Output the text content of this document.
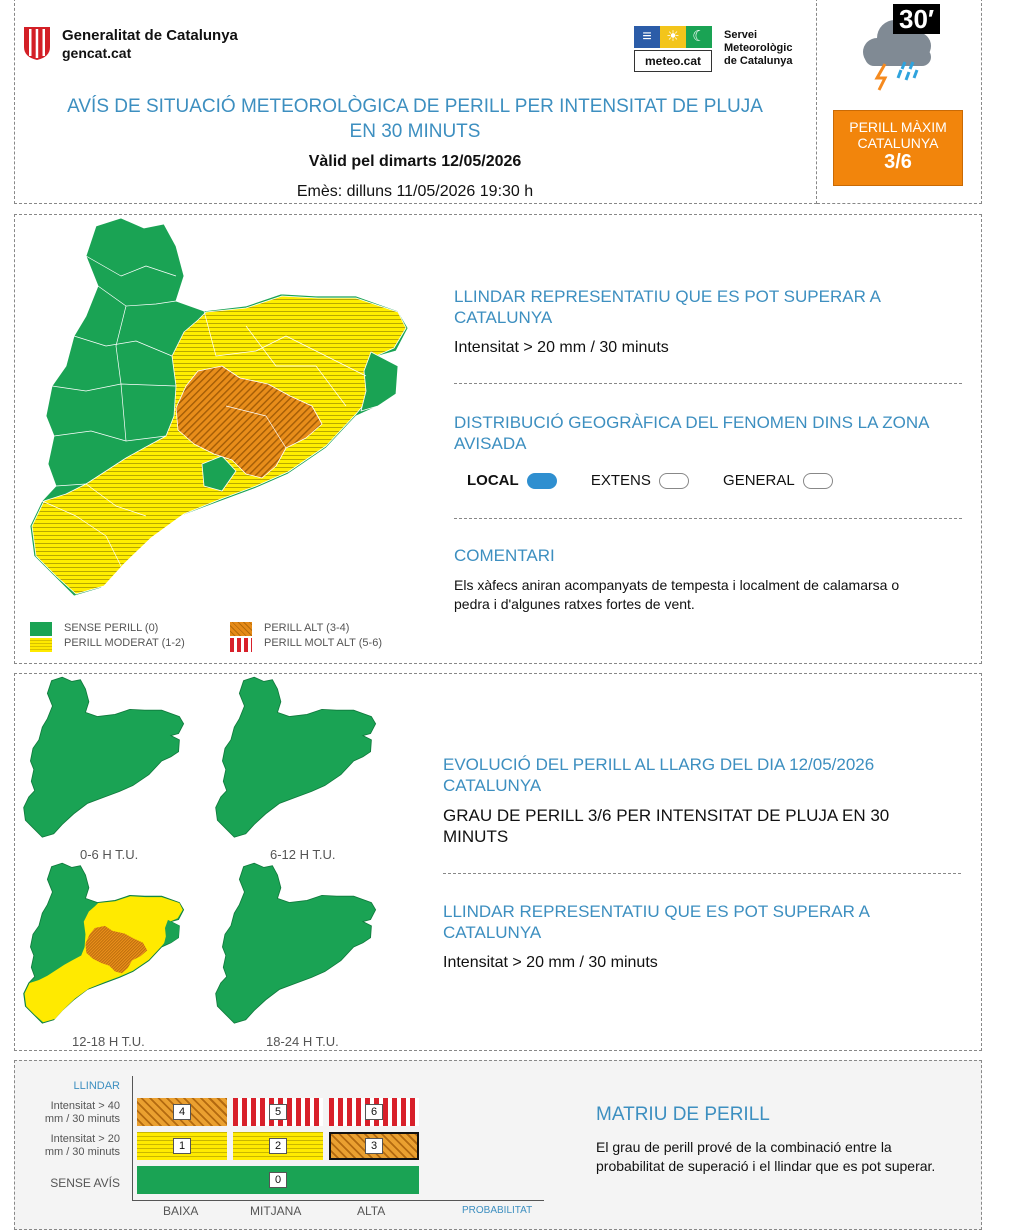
Generalitat de Catalunya
gencat.cat
≡ ☀ ☾
meteo.cat
Servei
Meteorològic
de Catalunya
AVÍS DE SITUACIÓ METEOROLÒGICA DE PERILL PER INTENSITAT DE PLUJA EN 30 MINUTS
Vàlid pel dimarts 12/05/2026
Emès: dilluns 11/05/2026 19:30 h
30′
PERILL MÀXIM
CATALUNYA
3/6
SENSE PERILL (0)
PERILL MODERAT (1-2)
PERILL ALT (3-4)
PERILL MOLT ALT (5-6)
LLINDAR REPRESENTATIU QUE ES POT SUPERAR A CATALUNYA
Intensitat > 20 mm / 30 minuts
DISTRIBUCIÓ GEOGRÀFICA DEL FENOMEN DINS LA ZONA AVISADA
LOCAL	EXTENS	GENERAL
COMENTARI
Els xàfecs aniran acompanyats de tempesta i localment de calamarsa o pedra i d'algunes ratxes fortes de vent.
0-6 H T.U.	6-12 H T.U.
12-18 H T.U.	18-24 H T.U.
EVOLUCIÓ DEL PERILL AL LLARG DEL DIA 12/05/2026 CATALUNYA
GRAU DE PERILL 3/6 PER INTENSITAT DE PLUJA EN 30 MINUTS
LLINDAR REPRESENTATIU QUE ES POT SUPERAR A CATALUNYA
Intensitat > 20 mm / 30 minuts
LLINDAR
Intensitat > 40
mm / 30 minuts
Intensitat > 20
mm / 30 minuts
SENSE AVÍS
4	5	6
1	2	3
0
BAIXA	MITJANA	ALTA	PROBABILITAT
MATRIU DE PERILL
El grau de perill prové de la combinació entre la probabilitat de superació i el llindar que es pot superar.
